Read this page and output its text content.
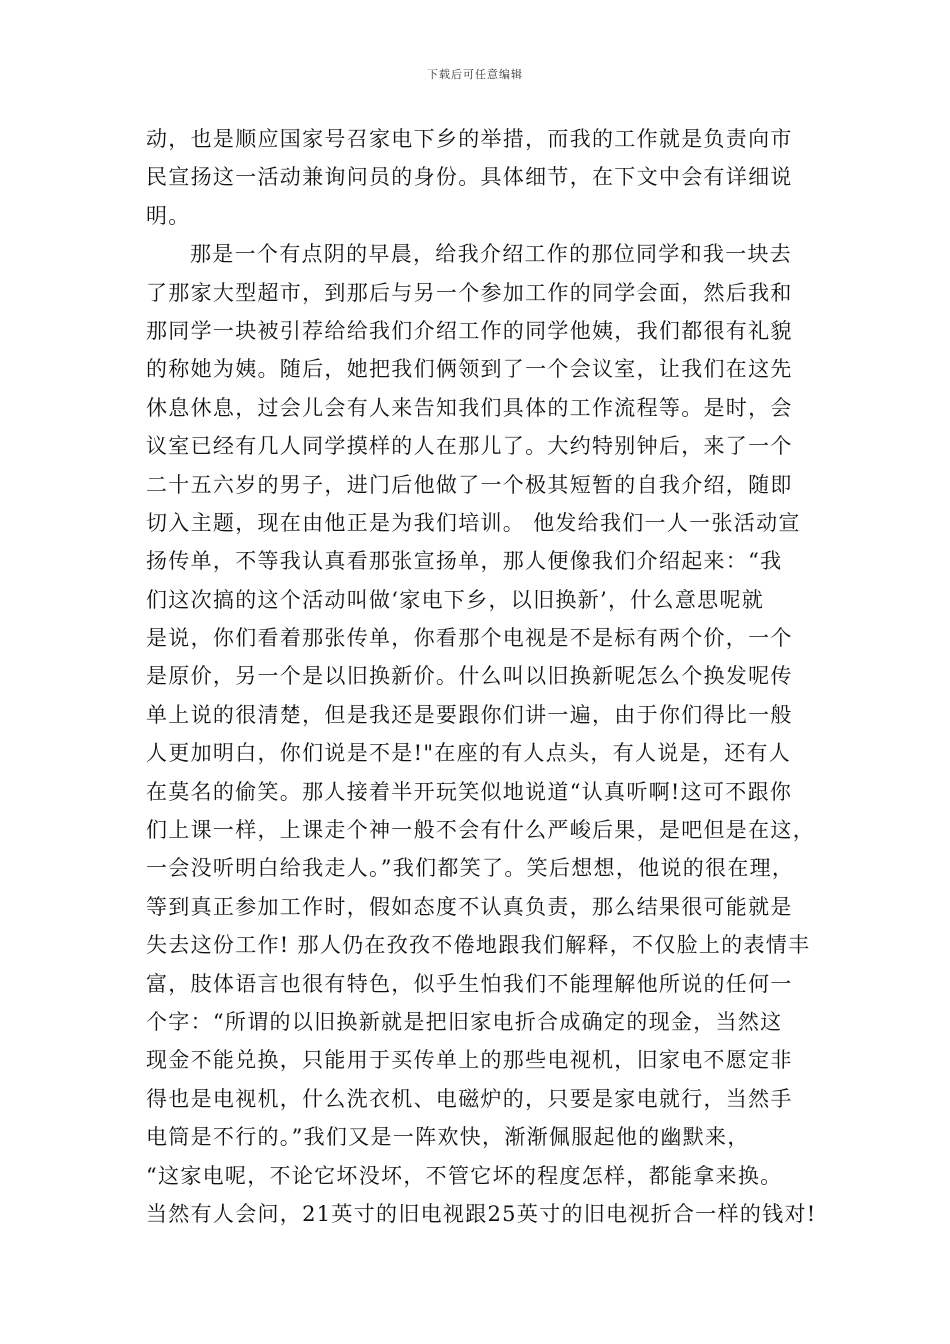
下载后可任意编辑
动，也是顺应国家号召家电下乡的举措，而我的工作就是负责向市
民宣扬这一活动兼询问员的身份。具体细节，在下文中会有详细说
明。
那是一个有点阴的早晨，给我介绍工作的那位同学和我一块去
了那家大型超市，到那后与另一个参加工作的同学会面，然后我和
那同学一块被引荐给给我们介绍工作的同学他姨，我们都很有礼貌
的称她为姨。随后，她把我们俩领到了一个会议室，让我们在这先
休息休息，过会儿会有人来告知我们具体的工作流程等。是时，会
议室已经有几人同学摸样的人在那儿了。大约特别钟后，来了一个
二十五六岁的男子，进门后他做了一个极其短暂的自我介绍，随即
切入主题，现在由他正是为我们培训。 他发给我们一人一张活动宣
扬传单，不等我认真看那张宣扬单，那人便像我们介绍起来：“我
们这次搞的这个活动叫做‘家电下乡，以旧换新’，什么意思呢就
是说，你们看着那张传单，你看那个电视是不是标有两个价，一个
是原价，另一个是以旧换新价。什么叫以旧换新呢怎么个换发呢传
单上说的很清楚，但是我还是要跟你们讲一遍，由于你们得比一般
人更加明白，你们说是不是!"在座的有人点头，有人说是，还有人
在莫名的偷笑。那人接着半开玩笑似地说道“认真听啊!这可不跟你
们上课一样，上课走个神一般不会有什么严峻后果，是吧但是在这，
一会没听明白给我走人。”我们都笑了。笑后想想，他说的很在理，
等到真正参加工作时，假如态度不认真负责，那么结果很可能就是
失去这份工作! 那人仍在孜孜不倦地跟我们解释，不仅脸上的表情丰
富，肢体语言也很有特色，似乎生怕我们不能理解他所说的任何一
个字：“所谓的以旧换新就是把旧家电折合成确定的现金，当然这
现金不能兑换，只能用于买传单上的那些电视机，旧家电不愿定非
得也是电视机，什么洗衣机、电磁炉的，只要是家电就行，当然手
电筒是不行的。”我们又是一阵欢快，渐渐佩服起他的幽默来，
“这家电呢，不论它坏没坏，不管它坏的程度怎样，都能拿来换。
当然有人会问，21英寸的旧电视跟25英寸的旧电视折合一样的钱对!
